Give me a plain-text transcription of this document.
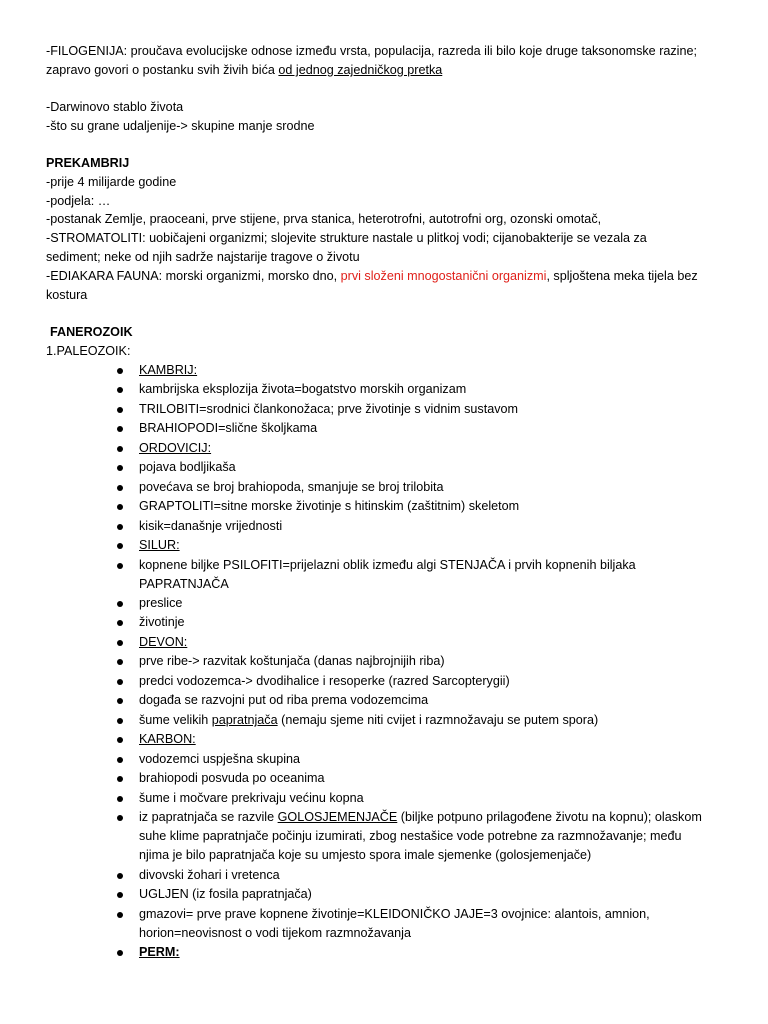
-FILOGENIJA: proučava evolucijske odnose između vrsta, populacija, razreda ili bilo koje druge taksonomske razine;
zapravo govori o postanku svih živih bića od jednog zajedničkog pretka
-Darwinovo stablo života
-što su grane udaljenije-> skupine manje srodne
PREKAMBRIJ
-prije 4 milijarde godine
-podjela: …
-postanak Zemlje, praoceani, prve stijene, prva stanica, heterotrofni, autotrofni org, ozonski omotač,
-STROMATOLITI: uobičajeni organizmi; slojevite strukture nastale u plitkoj vodi; cijanobakterije se vezala za
sediment; neke od njih sadrže najstarije tragove o životu
-EDIAKARA FAUNA: morski organizmi, morsko dno, prvi složeni mnogostanični organizmi, spljoštena meka tijela bez
kostura
FANEROZOIK
1.PALEOZOIK:
KAMBRIJ:
kambrijska eksplozija života=bogatstvo morskih organizam
TRILOBITI=srodnici člankonožaca; prve životinje s vidnim sustavom
BRAHIOPODI=slične školjkama
ORDOVICIJ:
pojava bodljikaša
povećava se broj brahiopoda, smanjuje se broj trilobita
GRAPTOLITI=sitne morske životinje s hitinskim (zaštitnim) skeletom
kisik=današnje vrijednosti
SILUR:
kopnene biljke PSILOFITI=prijelazni oblik između algi STENJAČA i prvih kopnenih biljaka
PAPRATNJAČA
preslice
životinje
DEVON:
prve ribe-> razvitak koštunjača (danas najbrojnijih riba)
predci vodozemca-> dvodihalice i resoperke (razred Sarcopterygii)
događa se razvojni put od riba prema vodozemcima
šume velikih papratnjača (nemaju sjeme niti cvijet i razmnožavaju se putem spora)
KARBON:
vodozemci uspješna skupina
brahiopodi posvuda po oceanima
šume i močvare prekrivaju većinu kopna
iz papratnjača se razvile GOLOSJEMENJAČE (biljke potpuno prilagođene životu na kopnu); olaskom
suhe klime papratnjače počinju izumirati, zbog nestašice vode potrebne za razmnožavanje; među
njima je bilo papratnjača koje su umjesto spora imale sjemenke (golosjemenjače)
divovski žohari i vretenca
UGLJEN (iz fosila papratnjača)
gmazovi= prve prave kopnene životinje=KLEIDONIČKO JAJE=3 ovojnice: alantois, amnion,
horion=neovisnost o vodi tijekom razmnožavanja
PERM:
